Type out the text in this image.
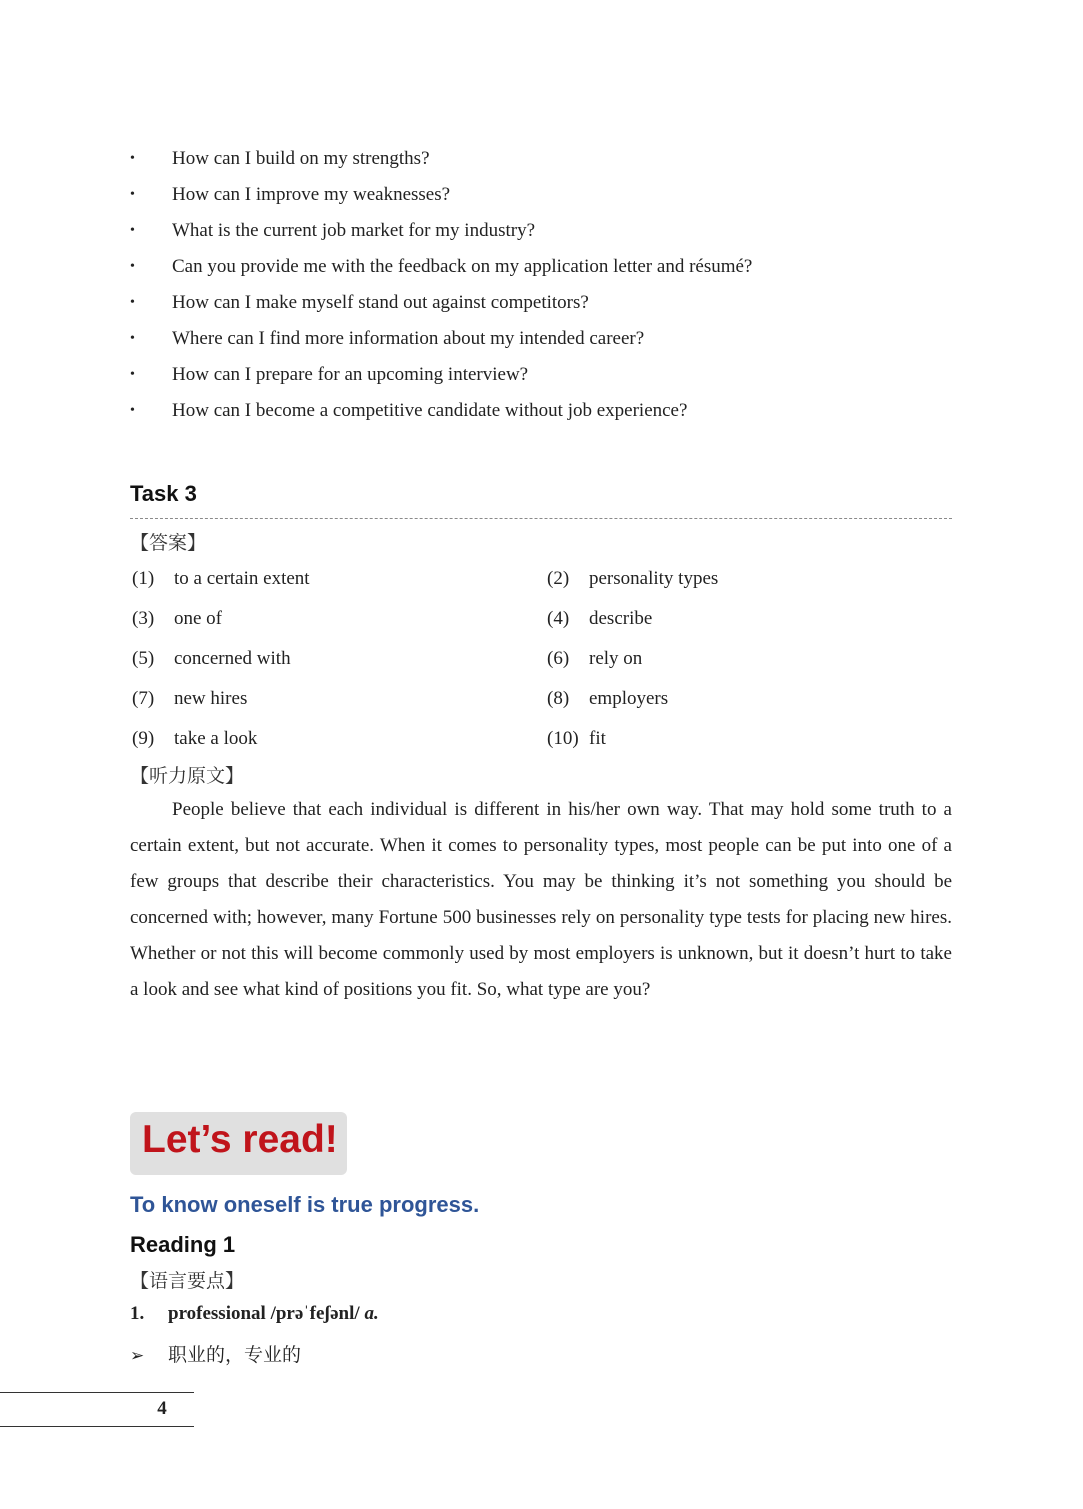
• How can I build on my strengths?
• How can I improve my weaknesses?
• What is the current job market for my industry?
• Can you provide me with the feedback on my application letter and résumé?
• How can I make myself stand out against competitors?
• Where can I find more information about my intended career?
• How can I prepare for an upcoming interview?
• How can I become a competitive candidate without job experience?
Task 3
【答案】
(1) to a certain extent	(2) personality types
(3) one of	(4) describe
(5) concerned with	(6) rely on
(7) new hires	(8) employers
(9) take a look	(10) fit
【听力原文】

People believe that each individual is different in his/her own way. That may hold some truth to a certain extent, but not accurate. When it comes to personality types, most people can be put into one of a few groups that describe their characteristics. You may be thinking it’s not something you should be concerned with; however, many Fortune 500 businesses rely on personality type tests for placing new hires. Whether or not this will become commonly used by most employers is unknown, but it doesn’t hurt to take a look and see what kind of positions you fit. So, what type are you?

Let’s read!
To know oneself is true progress.
Reading 1
【语言要点】
1. professional /prəˈfeʃənl/ a.
➢ 职业的，专业的
4
